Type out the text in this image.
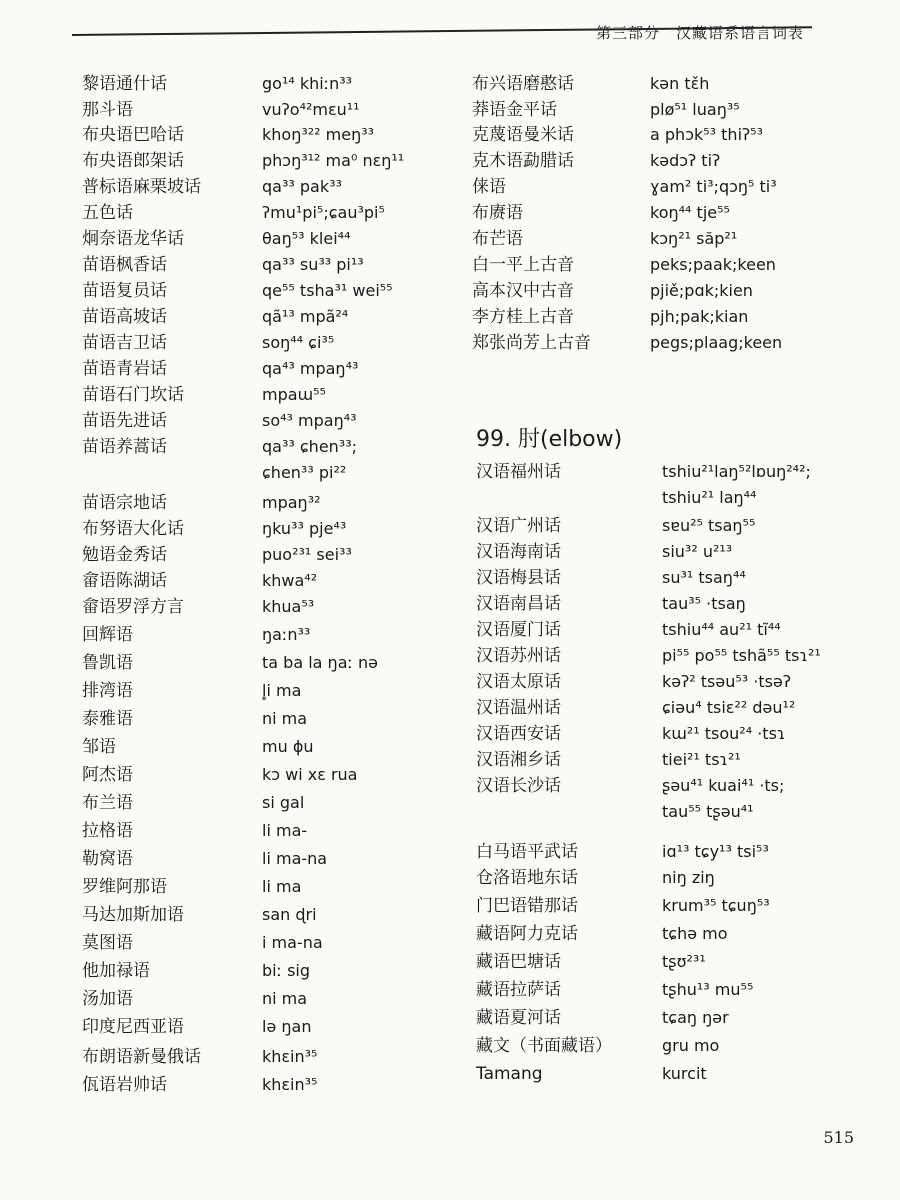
第三部分　汉藏语系语言词表
黎语通什话	go¹⁴ khiːn³³
那斗语	vuʔo⁴²mɛu¹¹
布央语巴哈话	khoŋ³²² meŋ³³
布央语郎架话	phɔŋ³¹² ma⁰ nɛŋ¹¹
普标语麻栗坡话	qa³³ pak³³
五色话	ʔmu¹pi⁵;ɕau³pi⁵
炯奈语龙华话	θaŋ⁵³ klei⁴⁴
苗语枫香话	qa³³ su³³ pi¹³
苗语复员话	qe⁵⁵ tsha³¹ wei⁵⁵
苗语高坡话	qã¹³ mpã²⁴
苗语吉卫话	soŋ⁴⁴ ɕi³⁵
苗语青岩话	qa⁴³ mpaŋ⁴³
苗语石门坎话	mpaɯ⁵⁵
苗语先进话	so⁴³ mpaŋ⁴³
苗语养蒿话	qa³³ ɕhen³³;
ɕhen³³ pi²²
苗语宗地话	mpaŋ³²
布努语大化话	ŋku³³ pje⁴³
勉语金秀话	puo²³¹ sei³³
畲语陈湖话	khwa⁴²
畲语罗浮方言	khua⁵³
回辉语	ŋaːn³³
鲁凯语	ta ba la ŋaː nə
排湾语	l̥i ma
泰雅语	ni ma
邹语	mu ɸu
阿杰语	kɔ wi xɛ rua
布兰语	si gal
拉格语	li ma-
勒窝语	li ma-na
罗维阿那语	li ma
马达加斯加语	san ɖri
莫图语	i ma-na
他加禄语	biː sig
汤加语	ni ma
印度尼西亚语	lə ŋan
布朗语新曼俄话	khɛin³⁵
佤语岩帅话	khɛin³⁵
布兴语磨憨话	kən tɛ̌h
莽语金平话	plø⁵¹ luaŋ³⁵
克蔑语曼米话	a phɔk⁵³ thiʔ⁵³
克木语勐腊话	kədɔʔ tiʔ
俫语	ɣam² ti³;qɔŋ⁵ ti³
布赓语	koŋ⁴⁴ tje⁵⁵
布芒语	kɔŋ²¹ săp²¹
白一平上古音	peks;paak;keen
高本汉中古音	pjiě;pɑk;kien
李方桂上古音	pjh;pak;kian
郑张尚芳上古音	pegs;plaag;keen
汉语福州话	tshiu²¹laŋ⁵²lɒuŋ²⁴²;
tshiu²¹ laŋ⁴⁴
汉语广州话	sɐu²⁵ tsaŋ⁵⁵
汉语海南话	siu³² u²¹³
汉语梅县话	su³¹ tsaŋ⁴⁴
汉语南昌话	tau³⁵ ·tsaŋ
汉语厦门话	tshiu⁴⁴ au²¹ tĩ⁴⁴
汉语苏州话	pi⁵⁵ po⁵⁵ tshã⁵⁵ tsɿ²¹
汉语太原话	kəʔ² tsəu⁵³ ·tsəʔ
汉语温州话	ɕiəu⁴ tsiɛ²² dəu¹²
汉语西安话	kɯ²¹ tsou²⁴ ·tsɿ
汉语湘乡话	tiei²¹ tsɿ²¹
汉语长沙话	ʂəu⁴¹ kuai⁴¹ ·ts;
tau⁵⁵ tʂəu⁴¹
白马语平武话	iɑ¹³ tɕy¹³ tsi⁵³
仓洛语地东话	niŋ ziŋ
门巴语错那话	krum³⁵ tɕuŋ⁵³
藏语阿力克话	tɕhə mo
藏语巴塘话	tʂʊ²³¹
藏语拉萨话	tʂhu¹³ mu⁵⁵
藏语夏河话	tɕaŋ ŋər
藏文（书面藏语）	gru mo
Tamang	kurcit
99. 肘(elbow)
515
